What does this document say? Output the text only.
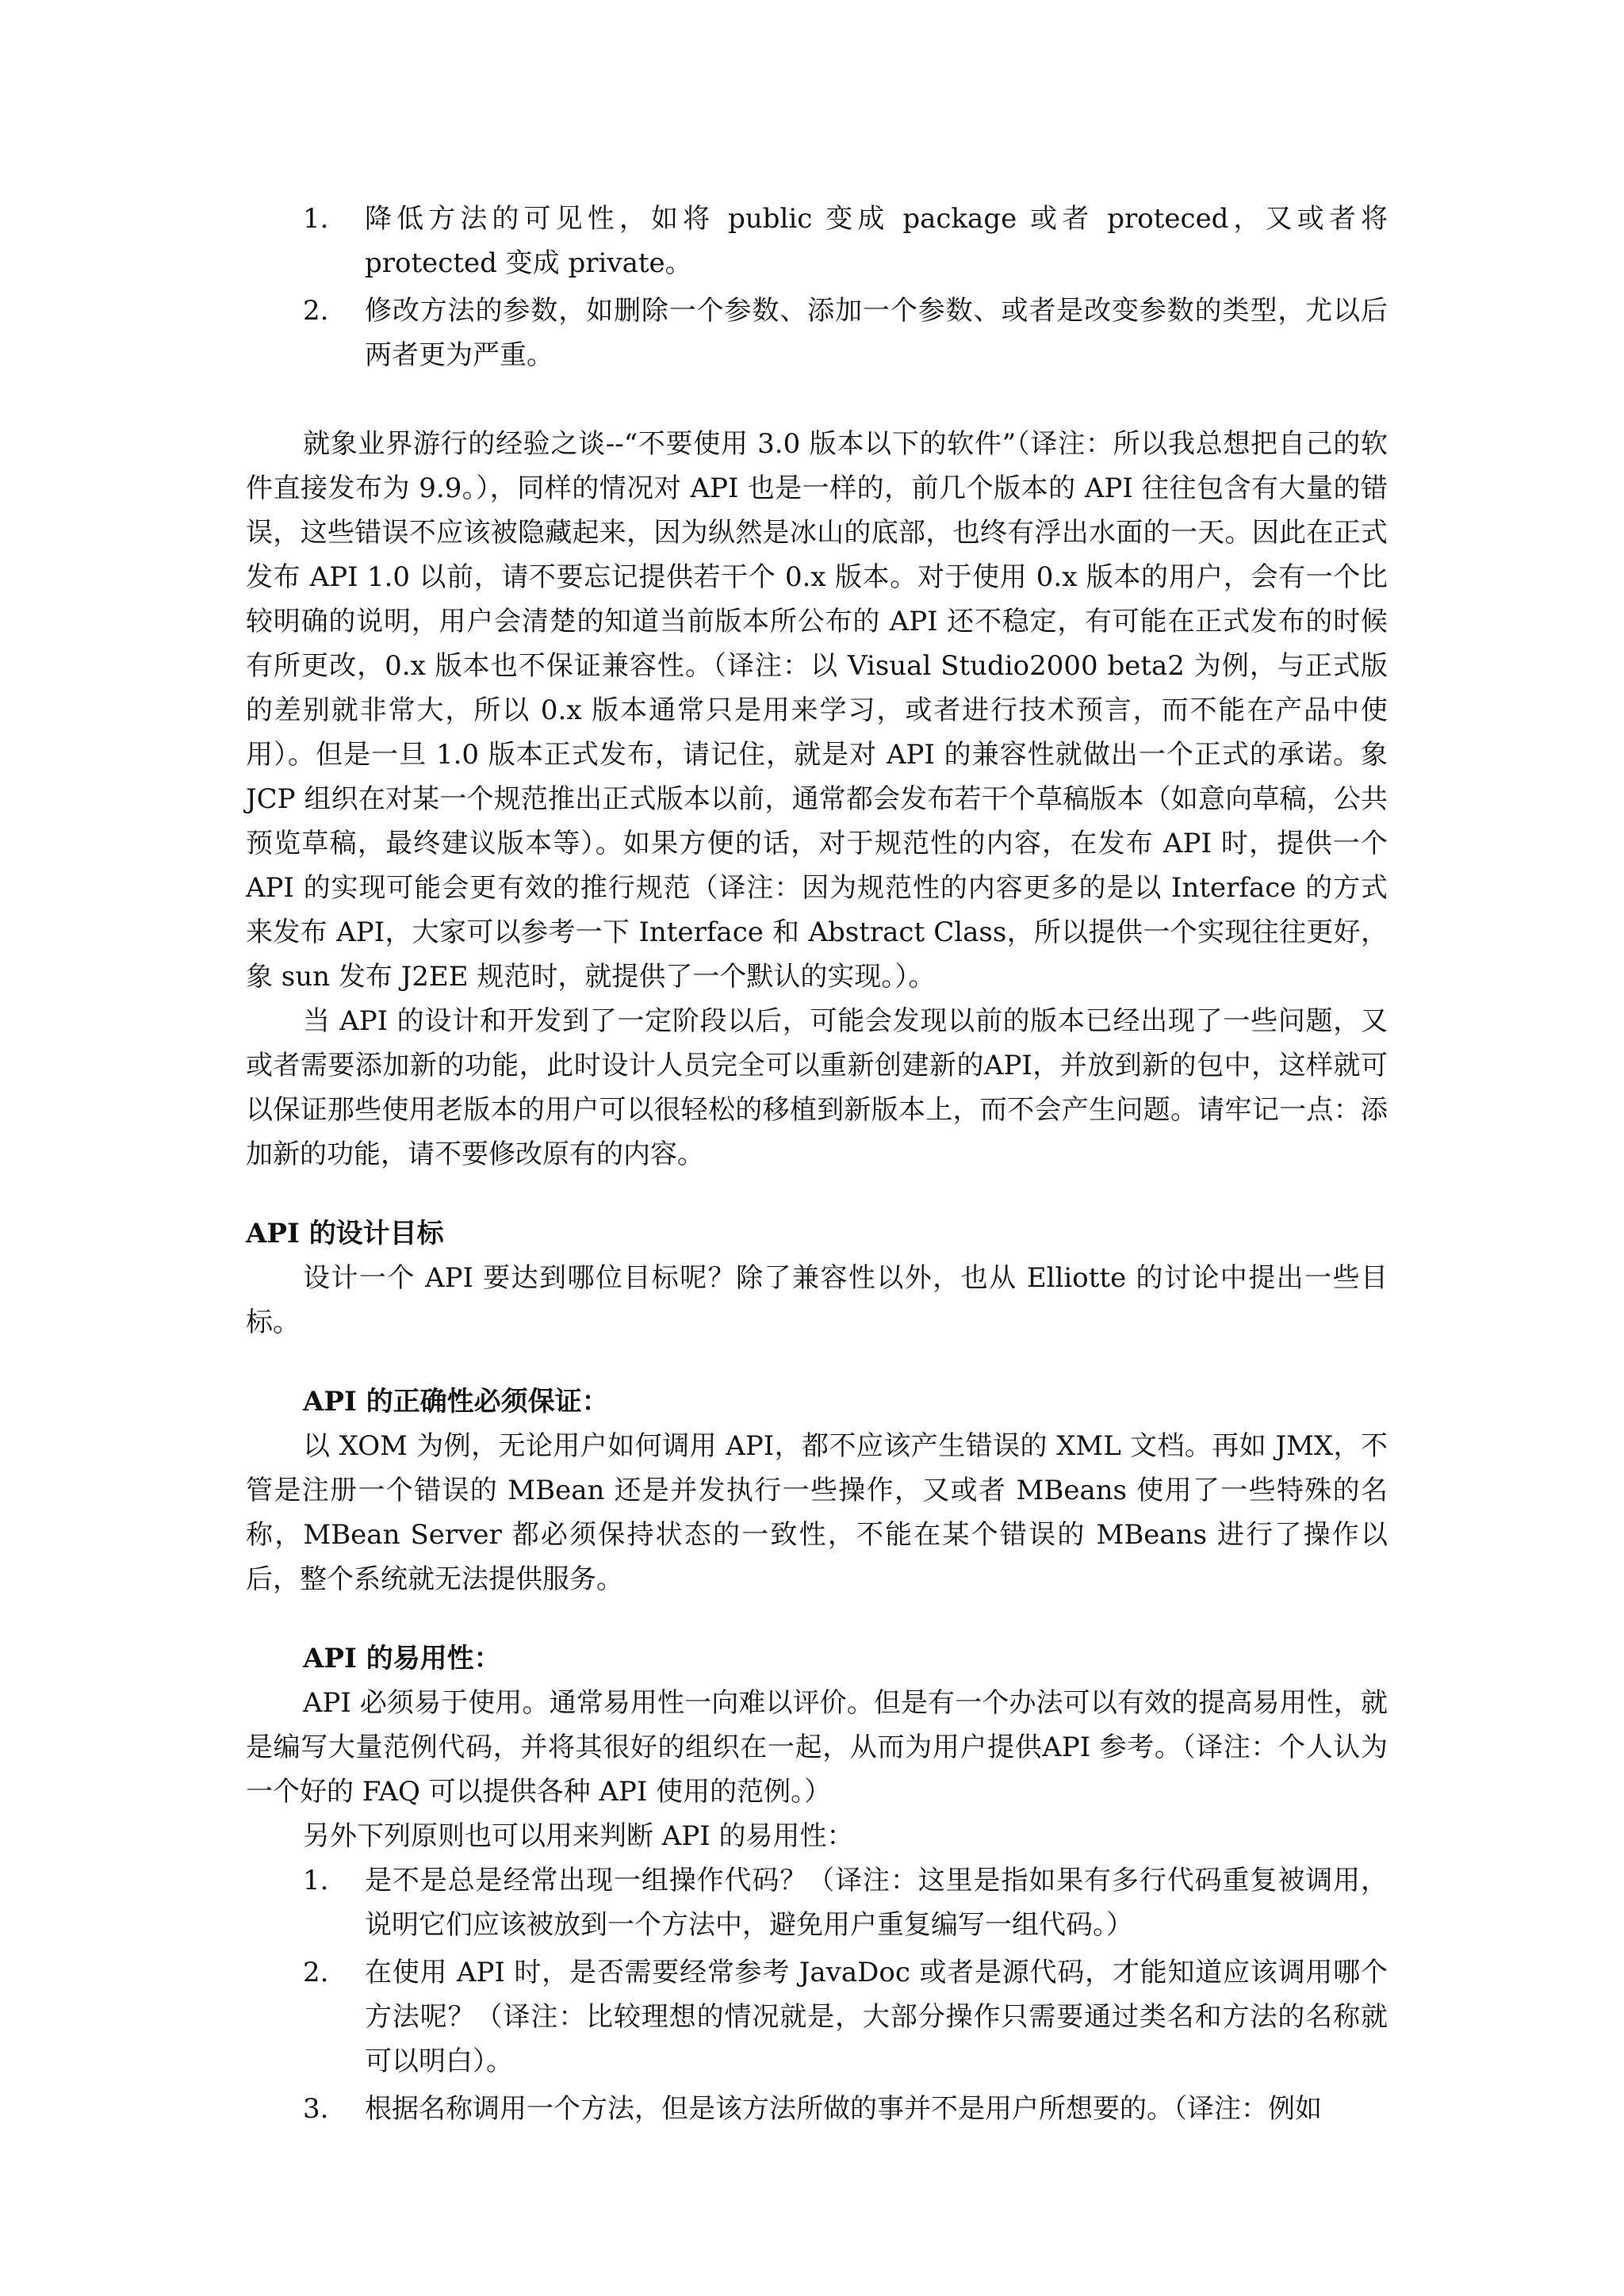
1. 降低方法的可见性，如将 public 变成 package 或者 proteced，又或者将 protected 变成 private。
2. 修改方法的参数，如删除一个参数、添加一个参数、或者是改变参数的类型，尤以后两者更为严重。

就象业界游行的经验之谈--“不要使用 3.0 版本以下的软件”（译注：所以我总想把自己的软件直接发布为 9.9。），同样的情况对 API 也是一样的，前几个版本的 API 往往包含有大量的错误，这些错误不应该被隐藏起来，因为纵然是冰山的底部，也终有浮出水面的一天。因此在正式发布 API 1.0 以前，请不要忘记提供若干个 0.x 版本。对于使用 0.x 版本的用户，会有一个比较明确的说明，用户会清楚的知道当前版本所公布的 API 还不稳定，有可能在正式发布的时候有所更改，0.x 版本也不保证兼容性。（译注：以 Visual Studio2000 beta2 为例，与正式版的差别就非常大，所以 0.x 版本通常只是用来学习，或者进行技术预言，而不能在产品中使用）。但是一旦 1.0 版本正式发布，请记住，就是对 API 的兼容性就做出一个正式的承诺。象 JCP 组织在对某一个规范推出正式版本以前，通常都会发布若干个草稿版本（如意向草稿，公共预览草稿，最终建议版本等）。如果方便的话，对于规范性的内容，在发布 API 时，提供一个 API 的实现可能会更有效的推行规范（译注：因为规范性的内容更多的是以 Interface 的方式来发布 API，大家可以参考一下 Interface 和 Abstract Class，所以提供一个实现往往更好，象 sun 发布 J2EE 规范时，就提供了一个默认的实现。）。

当 API 的设计和开发到了一定阶段以后，可能会发现以前的版本已经出现了一些问题，又或者需要添加新的功能，此时设计人员完全可以重新创建新的API，并放到新的包中，这样就可以保证那些使用老版本的用户可以很轻松的移植到新版本上，而不会产生问题。请牢记一点：添加新的功能，请不要修改原有的内容。

API 的设计目标

设计一个 API 要达到哪位目标呢？除了兼容性以外，也从 Elliotte 的讨论中提出一些目标。

API 的正确性必须保证：

以 XOM 为例，无论用户如何调用 API，都不应该产生错误的 XML 文档。再如 JMX，不管是注册一个错误的 MBean 还是并发执行一些操作，又或者 MBeans 使用了一些特殊的名称，MBean Server 都必须保持状态的一致性，不能在某个错误的 MBeans 进行了操作以后，整个系统就无法提供服务。

API 的易用性：

API 必须易于使用。通常易用性一向难以评价。但是有一个办法可以有效的提高易用性，就是编写大量范例代码，并将其很好的组织在一起，从而为用户提供API 参考。（译注：个人认为一个好的 FAQ 可以提供各种 API 使用的范例。）

另外下列原则也可以用来判断 API 的易用性：

1. 是不是总是经常出现一组操作代码？（译注：这里是指如果有多行代码重复被调用，说明它们应该被放到一个方法中，避免用户重复编写一组代码。）
2. 在使用 API 时，是否需要经常参考 JavaDoc 或者是源代码，才能知道应该调用哪个方法呢？（译注：比较理想的情况就是，大部分操作只需要通过类名和方法的名称就可以明白）。
3. 根据名称调用一个方法，但是该方法所做的事并不是用户所想要的。（译注：例如
